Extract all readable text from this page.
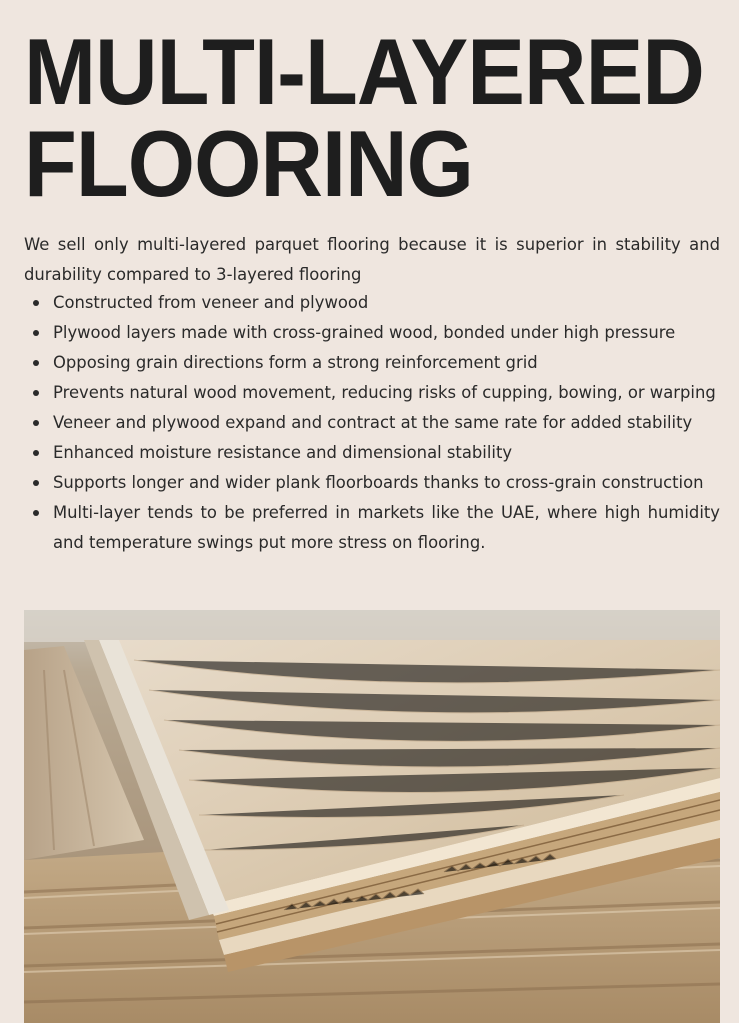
MULTI-LAYERED
FLOORING

We sell only multi-layered parquet flooring because it is superior in stability and durability compared to 3-layered flooring

Constructed from veneer and plywood
Plywood layers made with cross-grained wood, bonded under high pressure
Opposing grain directions form a strong reinforcement grid
Prevents natural wood movement, reducing risks of cupping, bowing, or warping
Veneer and plywood expand and contract at the same rate for added stability
Enhanced moisture resistance and dimensional stability
Supports longer and wider plank floorboards thanks to cross-grain construction
Multi-layer tends to be preferred in markets like the UAE, where high humidity and temperature swings put more stress on flooring.
